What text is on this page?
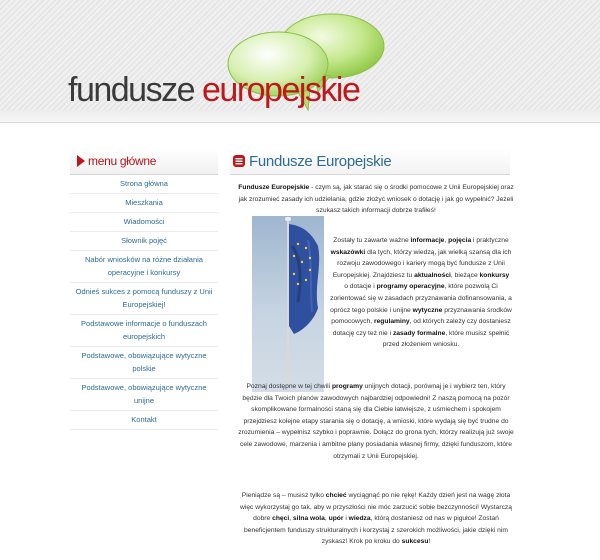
fundusze europejskie
menu główne
Strona główna
Mieszkania
Wiadomości
Słownik pojęć
Nabór wniosków na różne działania operacyjne i konkursy
Odnieś sukces z pomocą funduszy z Unii Europejskiej!
Podstawowe informacje o funduszach europejskich
Podstawowe, obowiązujące wytyczne polskie
Podstawowe, obowiązujące wytyczne unijne
Kontakt
Fundusze Europejskie

Fundusze Europejskie - czym są, jak starać się o środki pomocowe z Unii Europejskiej oraz jak zrozumieć zasady ich udzielania, gdzie złożyć wniosek o dotację i jak go wypełnić? Jeżeli szukasz takich informacji dobrze trafiłeś!

Zostały tu zawarte ważne informacje, pojęcia i praktyczne wskazówki dla tych, którzy wiedzą, jak wielką szansą dla ich rozwoju zawodowego i kariery mogą być fundusze z Unii Europejskiej. Znajdziesz tu aktualności, bieżące konkursy o dotacje i programy operacyjne, które pozwolą Ci zorientować się w zasadach przyznawania dofinansowania, a oprócz tego polskie i unijne wytyczne przyznawania środków pomocowych, regulaminy, od których zależy czy dostaniesz dotację czy też nie i zasady formalne, które musisz spełnić przed złożeniem wniosku.

Poznaj dostępne w tej chwili programy unijnych dotacji, porównaj je i wybierz ten, który będzie dla Twoich planów zawodowych najbardziej odpowiedni! Z naszą pomocą na pozór skomplikowane formalności staną się dla Ciebie łatwiejsze, z uśmiechem i spokojem przejdziesz kolejne etapy starania się o dotację, a wnioski, które wydają się być trudne do zrozumienia – wypełnisz szybko i poprawnie. Dołącz do grona tych, którzy realizują już swoje cele zawodowe, marzenia i ambitne plany posiadania własnej firmy, dzięki funduszom, które otrzymali z Unii Europejskiej.

Pieniądze są – musisz tylko chcieć wyciągnąć po nie rękę! Każdy dzień jest na wagę złota więc wykorzystaj go tak, aby w przyszłości nie móc zarzucić sobie bezczynności! Wystarczą dobre chęci, silna wola, upór i wiedza, którą dostaniesz od nas w pigułce! Zostań beneficjentem funduszy strukturalnych i korzystaj z szerokich możliwości, jakie dzięki nim zyskasz! Krok po kroku do sukcesu!
